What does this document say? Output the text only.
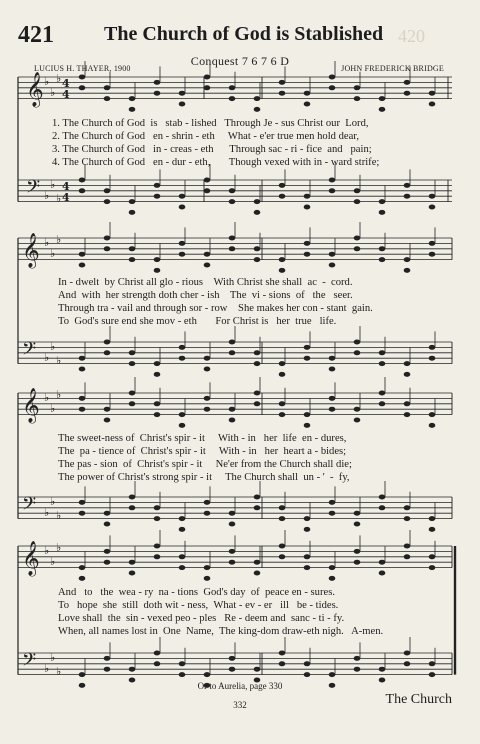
421	The Church of God is Stablished 420
Conquest 7 6 7 6 D
LUCIUS H. THAYER, 1900	JOHN FREDERICK BRIDGE
𝄞 ♭
♭
♭ 4
4
𝄢 ♭
♭
♭
4
4
𝄞 ♭
♭
♭
𝄢 ♭
♭
♭
𝄞 ♭
♭
♭
𝄢 ♭
♭
♭
𝄞 ♭
♭
♭
𝄢 ♭
♭
♭
1. The Church of God  is   stab - lished   Through Je - sus Christ our  Lord,
2. The Church of God   en - shrin - eth     What - e'er true men hold dear,
3. The Church of God   in - creas - eth      Through sac - ri - fice  and   pain;
4. The Church of God   en - dur - eth,       Though vexed with in - ward strife;
In - dwelt  by Christ all glo - rious    With Christ she shall  ac  -  cord.
And  with  her strength doth cher - ish    The  vi - sions  of   the   seer.
Through tra - vail and through sor - row    She makes her con - stant  gain.
To  God's sure end she mov - eth       For Christ is   her  true   life.
The sweet-ness of  Christ's spir - it     With - in   her  life  en - dures,
The  pa - tience of  Christ's spir - it     With - in   her  heart a - bides;
The pas - sion  of  Christ's spir - it     Ne'er from the Church shall die;
The power of Christ's strong spir - it     The Church shall  un - '  -  fy,
And   to   the  wea - ry  na - tions  God's day  of  peace en - sures.
To   hope  she  still  doth wit - ness,  What - ev - er   ill   be - tides.
Love shall  the  sin - vexed peo - ples   Re - deem and  sanc - ti - fy.
When, all names lost in  One  Name,  The king-dom draw-eth nigh.   A-men.
Or to Aurelia, page 330
332	The Church
